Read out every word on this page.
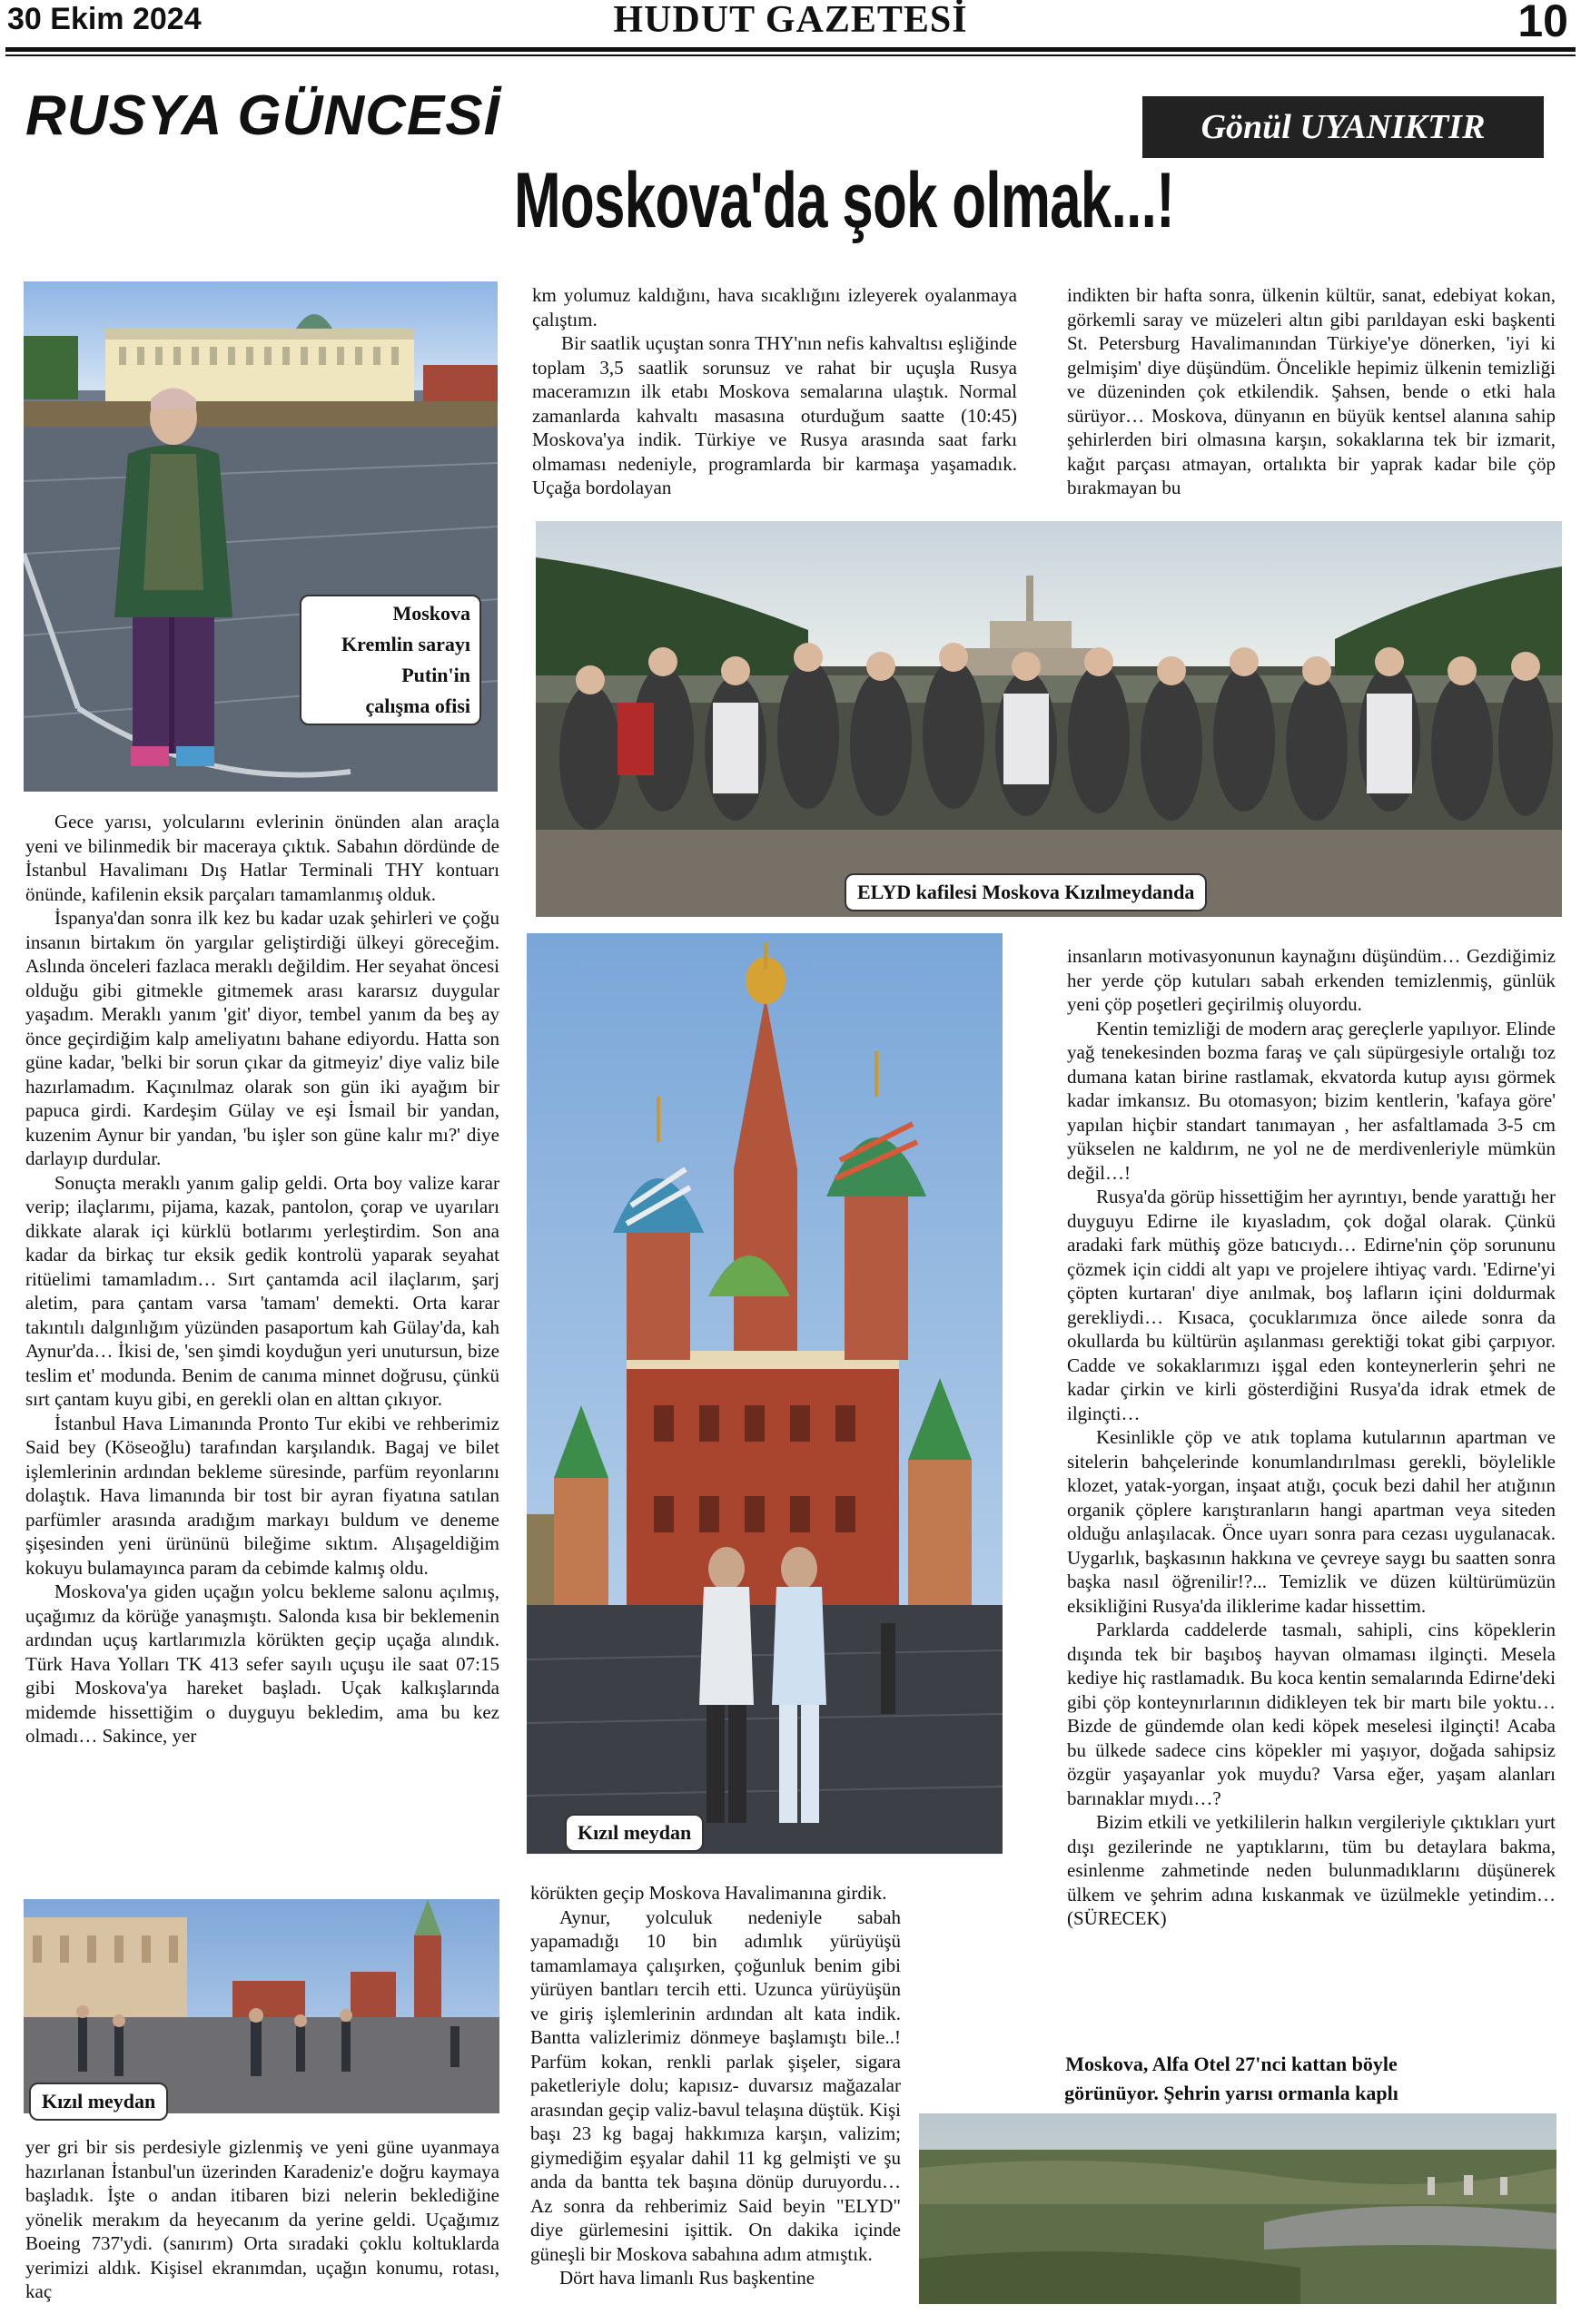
30 Ekim 2024	HUDUT GAZETESİ	10
RUSYA GÜNCESİ	Gönül UYANIKTIR
Moskova'da şok olmak...!
Moskova
Kremlin sarayı
Putin'in
çalışma ofisi

km yolumuz kaldığını, hava sıcaklığını izleyerek oyalanmaya çalıştım.

Bir saatlik uçuştan sonra THY'nın nefis kahvaltısı eşliğinde toplam 3,5 saatlik sorunsuz ve rahat bir uçuşla Rusya maceramızın ilk etabı Moskova semalarına ulaştık. Normal zamanlarda kahvaltı masasına oturduğum saatte (10:45) Moskova'ya indik. Türkiye ve Rusya arasında saat farkı olmaması nedeniyle, programlarda bir karmaşa yaşamadık. Uçağa bordolayan

indikten bir hafta sonra, ülkenin kültür, sanat, edebiyat kokan, görkemli saray ve müzeleri altın gibi parıldayan eski başkenti St. Petersburg Havalimanından Türkiye'ye dönerken, 'iyi ki gelmişim' diye düşündüm. Öncelikle hepimiz ülkenin temizliği ve düzeninden çok etkilendik. Şahsen, bende o etki hala sürüyor… Moskova, dünyanın en büyük kentsel alanına sahip şehirlerden biri olmasına karşın, sokaklarına tek bir izmarit, kağıt parçası atmayan, ortalıkta bir yaprak kadar bile çöp bırakmayan bu

ELYD kafilesi Moskova Kızılmeydanda

Gece yarısı, yolcularını evlerinin önünden alan araçla yeni ve bilinmedik bir maceraya çıktık. Sabahın dördünde de İstanbul Havalimanı Dış Hatlar Terminali THY kontuarı önünde, kafilenin eksik parçaları tamamlanmış olduk.

İspanya'dan sonra ilk kez bu kadar uzak şehirleri ve çoğu insanın birtakım ön yargılar geliştirdiği ülkeyi göreceğim. Aslında önceleri fazlaca meraklı değildim. Her seyahat öncesi olduğu gibi gitmekle gitmemek arası kararsız duygular yaşadım. Meraklı yanım 'git' diyor, tembel yanım da beş ay önce geçirdiğim kalp ameliyatını bahane ediyordu. Hatta son güne kadar, 'belki bir sorun çıkar da gitmeyiz' diye valiz bile hazırlamadım. Kaçınılmaz olarak son gün iki ayağım bir papuca girdi. Kardeşim Gülay ve eşi İsmail bir yandan, kuzenim Aynur bir yandan, 'bu işler son güne kalır mı?' diye darlayıp durdular.

Sonuçta meraklı yanım galip geldi. Orta boy valize karar verip; ilaçlarımı, pijama, kazak, pantolon, çorap ve uyarıları dikkate alarak içi kürklü botlarımı yerleştirdim. Son ana kadar da birkaç tur eksik gedik kontrolü yaparak seyahat ritüelimi tamamladım… Sırt çantamda acil ilaçlarım, şarj aletim, para çantam varsa 'tamam' demekti. Orta karar takıntılı dalgınlığım yüzünden pasaportum kah Gülay'da, kah Aynur'da… İkisi de, 'sen şimdi koyduğun yeri unutursun, bize teslim et' modunda. Benim de canıma minnet doğrusu, çünkü sırt çantam kuyu gibi, en gerekli olan en alttan çıkıyor.

İstanbul Hava Limanında Pronto Tur ekibi ve rehberimiz Said bey (Köseoğlu) tarafından karşılandık. Bagaj ve bilet işlemlerinin ardından bekleme süresinde, parfüm reyonlarını dolaştık. Hava limanında bir tost bir ayran fiyatına satılan parfümler arasında aradığım markayı buldum ve deneme şişesinden yeni ürününü bileğime sıktım. Alışageldiğim kokuyu bulamayınca param da cebimde kalmış oldu.

Moskova'ya giden uçağın yolcu bekleme salonu açılmış, uçağımız da körüğe yanaşmıştı. Salonda kısa bir beklemenin ardından uçuş kartlarımızla körükten geçip uçağa alındık. Türk Hava Yolları TK 413 sefer sayılı uçuşu ile saat 07:15 gibi Moskova'ya hareket başladı. Uçak kalkışlarında midemde hissettiğim o duyguyu bekledim, ama bu kez olmadı… Sakince, yer

Kızıl meydan

insanların motivasyonunun kaynağını düşündüm… Gezdiğimiz her yerde çöp kutuları sabah erkenden temizlenmiş, günlük yeni çöp poşetleri geçirilmiş oluyordu.

Kentin temizliği de modern araç gereçlerle yapılıyor. Elinde yağ tenekesinden bozma faraş ve çalı süpürgesiyle ortalığı toz dumana katan birine rastlamak, ekvatorda kutup ayısı görmek kadar imkansız. Bu otomasyon; bizim kentlerin, 'kafaya göre' yapılan hiçbir standart tanımayan , her asfaltlamada 3-5 cm yükselen ne kaldırım, ne yol ne de merdivenleriyle mümkün değil…!

Rusya'da görüp hissettiğim her ayrıntıyı, bende yarattığı her duyguyu Edirne ile kıyasladım, çok doğal olarak. Çünkü aradaki fark müthiş göze batıcıydı… Edirne'nin çöp sorununu çözmek için ciddi alt yapı ve projelere ihtiyaç vardı. 'Edirne'yi çöpten kurtaran' diye anılmak, boş lafların içini doldurmak gerekliydi… Kısaca, çocuklarımıza önce ailede sonra da okullarda bu kültürün aşılanması gerektiği tokat gibi çarpıyor. Cadde ve sokaklarımızı işgal eden konteynerlerin şehri ne kadar çirkin ve kirli gösterdiğini Rusya'da idrak etmek de ilginçti…

Kesinlikle çöp ve atık toplama kutularının apartman ve sitelerin bahçelerinde konumlandırılması gerekli, böylelikle klozet, yatak-yorgan, inşaat atığı, çocuk bezi dahil her atığının organik çöplere karıştıranların hangi apartman veya siteden olduğu anlaşılacak. Önce uyarı sonra para cezası uygulanacak. Uygarlık, başkasının hakkına ve çevreye saygı bu saatten sonra başka nasıl öğrenilir!?... Temizlik ve düzen kültürümüzün eksikliğini Rusya'da iliklerime kadar hissettim.

Parklarda caddelerde tasmalı, sahipli, cins köpeklerin dışında tek bir başıboş hayvan olmaması ilginçti. Mesela kediye hiç rastlamadık. Bu koca kentin semalarında Edirne'deki gibi çöp konteynırlarının didikleyen tek bir martı bile yoktu… Bizde de gündemde olan kedi köpek meselesi ilginçti! Acaba bu ülkede sadece cins köpekler mi yaşıyor, doğada sahipsiz özgür yaşayanlar yok muydu? Varsa eğer, yaşam alanları barınaklar mıydı…?

Bizim etkili ve yetkililerin halkın vergileriyle çıktıkları yurt dışı gezilerinde ne yaptıklarını, tüm bu detaylara bakma, esinlenme zahmetinde neden bulunmadıklarını düşünerek ülkem ve şehrim adına kıskanmak ve üzülmekle yetindim… (SÜRECEK)

Kızıl meydan

yer gri bir sis perdesiyle gizlenmiş ve yeni güne uyanmaya hazırlanan İstanbul'un üzerinden Karadeniz'e doğru kaymaya başladık. İşte o andan itibaren bizi nelerin beklediğine yönelik merakım da heyecanım da yerine geldi. Uçağımız Boeing 737'ydi. (sanırım) Orta sıradaki çoklu koltuklarda yerimizi aldık. Kişisel ekranımdan, uçağın konumu, rotası, kaç

körükten geçip Moskova Havalimanına girdik.

Aynur, yolculuk nedeniyle sabah yapamadığı 10 bin adımlık yürüyüşü tamamlamaya çalışırken, çoğunluk benim gibi yürüyen bantları tercih etti. Uzunca yürüyüşün ve giriş işlemlerinin ardından alt kata indik. Bantta valizlerimiz dönmeye başlamıştı bile..! Parfüm kokan, renkli parlak şişeler, sigara paketleriyle dolu; kapısız- duvarsız mağazalar arasından geçip valiz-bavul telaşına düştük. Kişi başı 23 kg bagaj hakkımıza karşın, valizim; giymediğim eşyalar dahil 11 kg gelmişti ve şu anda da bantta tek başına dönüp duruyordu… Az sonra da rehberimiz Said beyin "ELYD" diye gürlemesini işittik. On dakika içinde güneşli bir Moskova sabahına adım atmıştık.

Dört hava limanlı Rus başkentine

Moskova, Alfa Otel 27'nci kattan böyle
görünüyor. Şehrin yarısı ormanla kaplı
